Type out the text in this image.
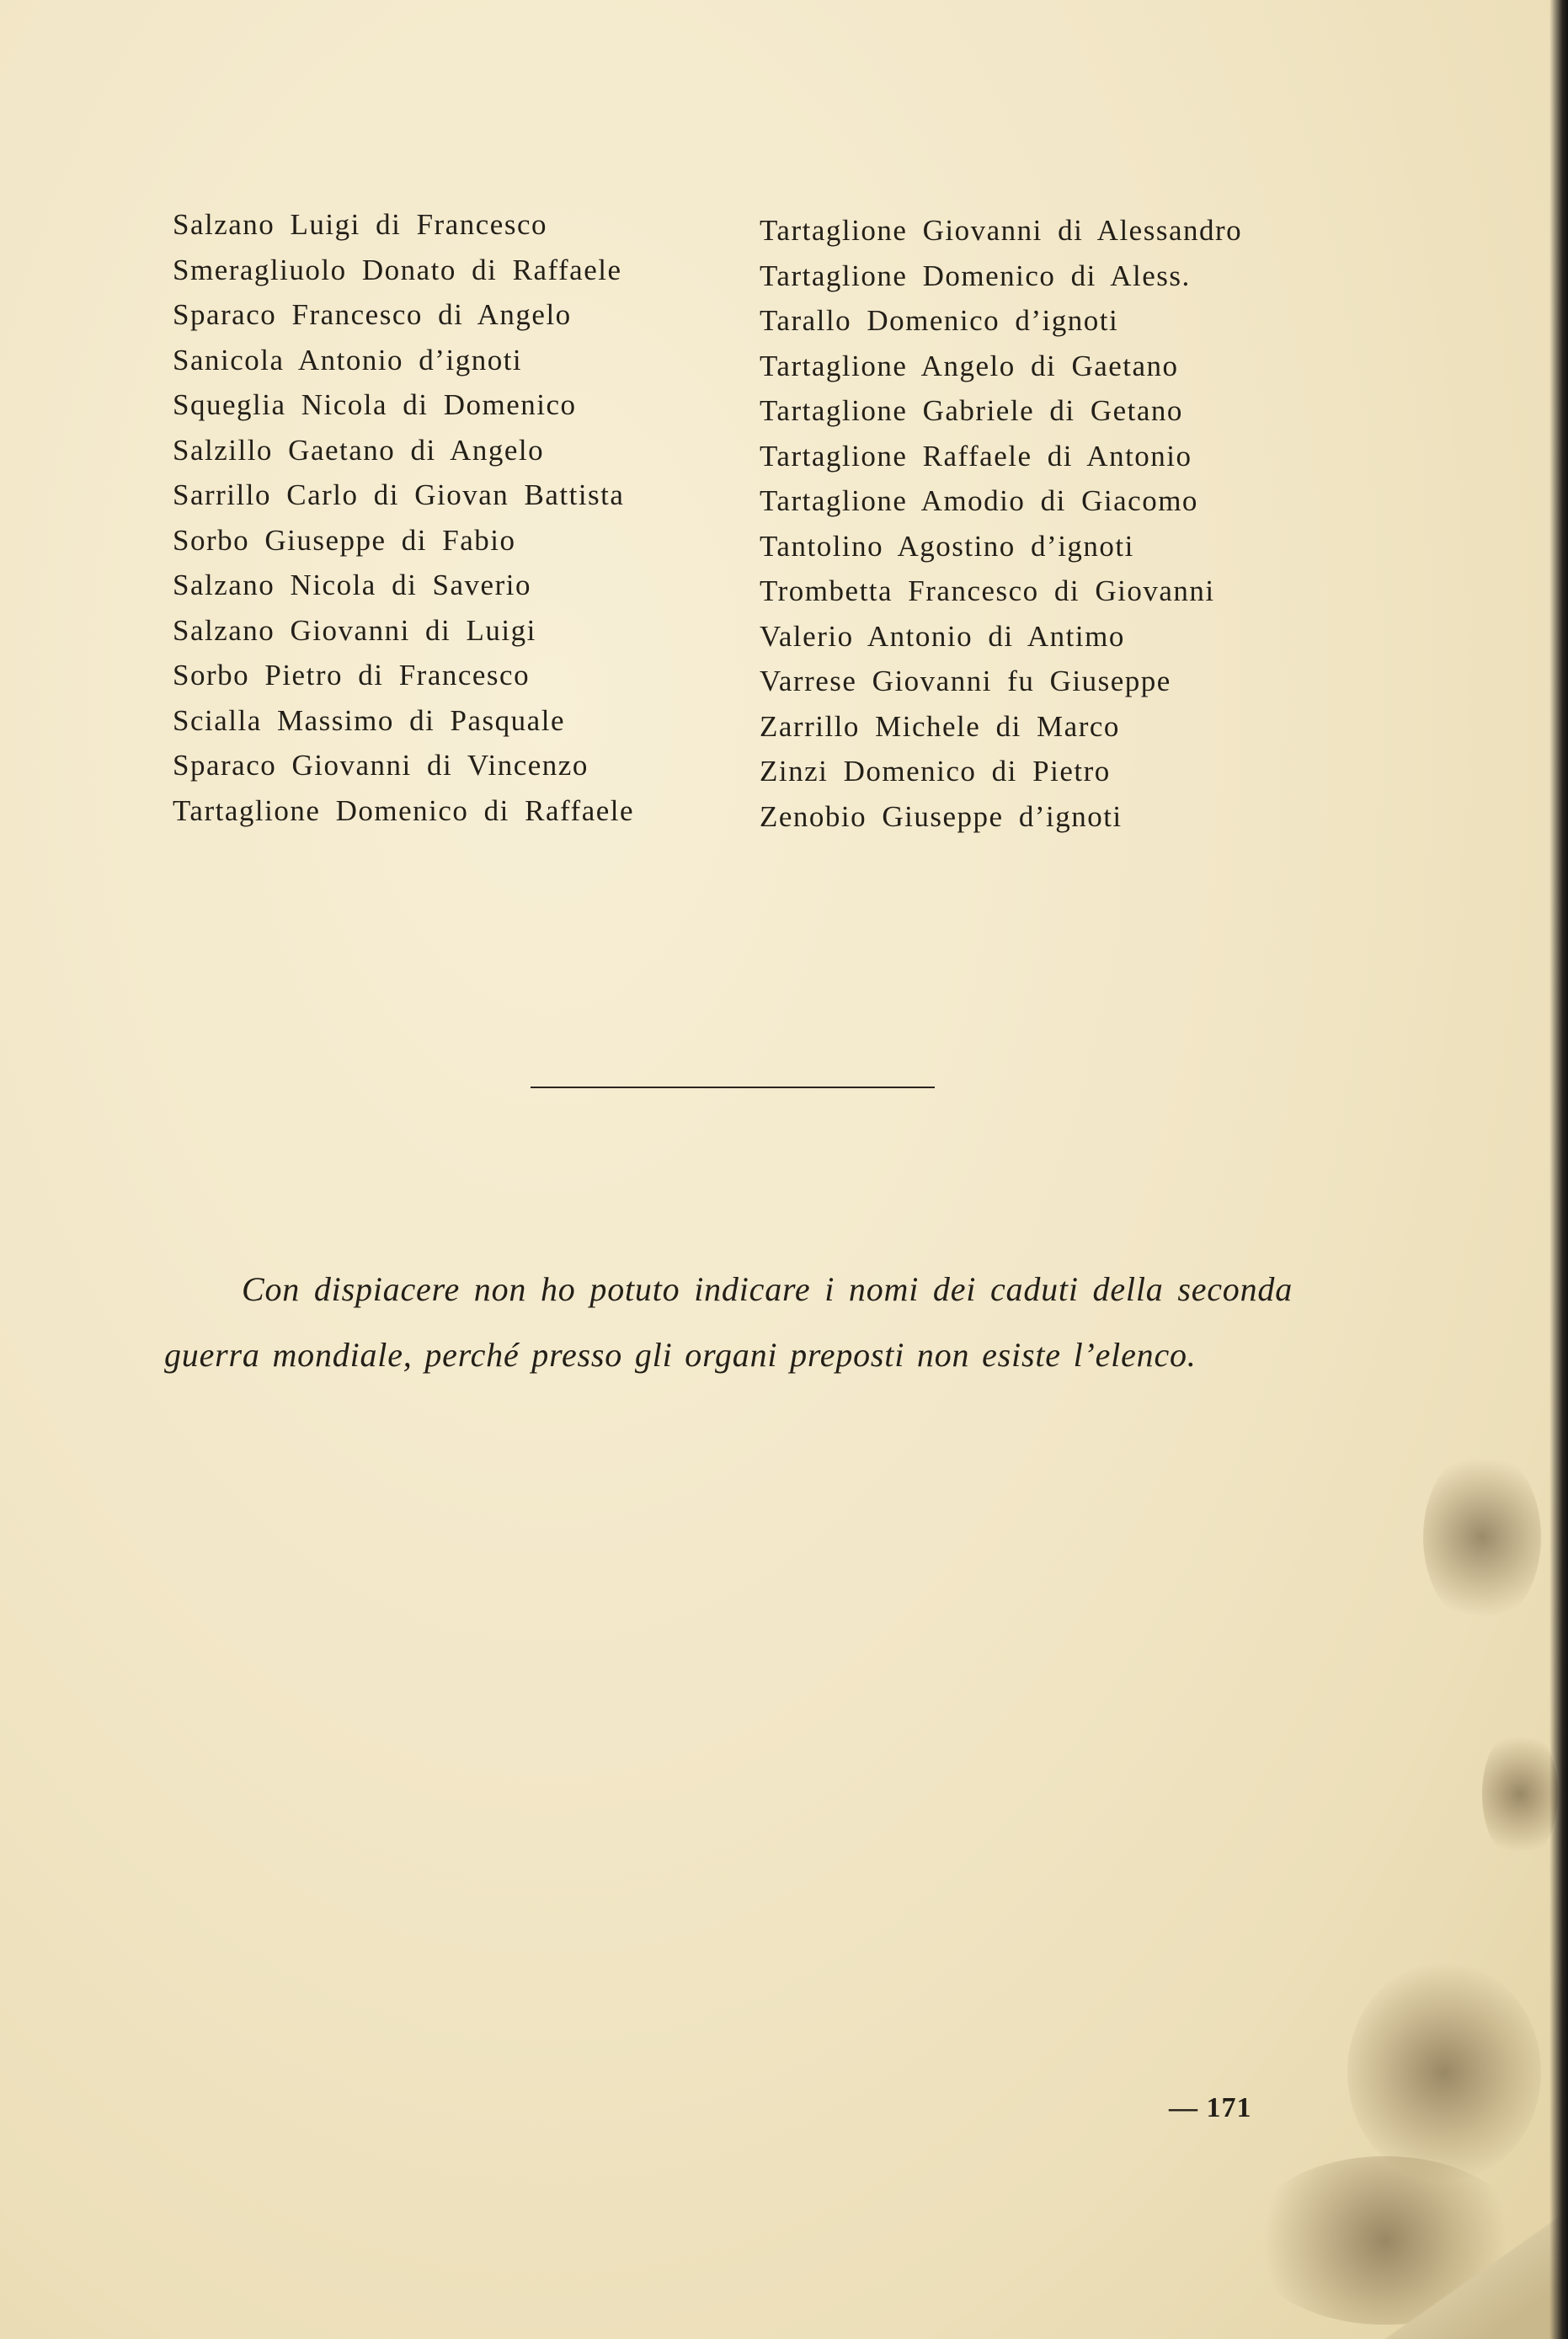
Salzano Luigi di Francesco
Smeragliuolo Donato di Raffaele
Sparaco Francesco di Angelo
Sanicola Antonio d’ignoti
Squeglia Nicola di Domenico
Salzillo Gaetano di Angelo
Sarrillo Carlo di Giovan Battista
Sorbo Giuseppe di Fabio
Salzano Nicola di Saverio
Salzano Giovanni di Luigi
Sorbo Pietro di Francesco
Scialla Massimo di Pasquale
Sparaco Giovanni di Vincenzo
Tartaglione Domenico di Raffaele
Tartaglione Giovanni di Alessandro
Tartaglione Domenico di Aless.
Tarallo Domenico d’ignoti
Tartaglione Angelo di Gaetano
Tartaglione Gabriele di Getano
Tartaglione Raffaele di Antonio
Tartaglione Amodio di Giacomo
Tantolino Agostino d’ignoti
Trombetta Francesco di Giovanni
Valerio Antonio di Antimo
Varrese Giovanni fu Giuseppe
Zarrillo Michele di Marco
Zinzi Domenico di Pietro
Zenobio Giuseppe d’ignoti

Con dispiacere non ho potuto indicare i nomi dei caduti della seconda guerra mondiale, perché presso gli organi preposti non esiste l’elenco.

— 171
